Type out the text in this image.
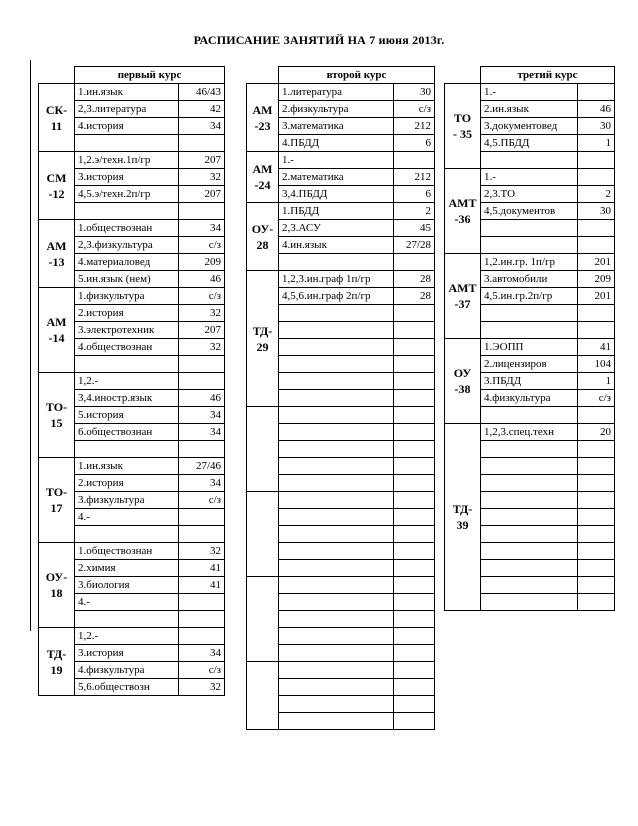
РАСПИСАНИЕ ЗАНЯТИЙ НА 7 июня 2013г.
	первый курс	
СК-
11	1.ин.язык	46/43
	2,3.литература	42
	4.история	34

СМ
-12	1,2.э/техн.1п/гр	207
	3.история	32
	4,5.э/техн.2п/гр	207

АМ
-13	1.обществознан	34
	2,3.физкультура	с/з
	4.материаловед	209
	5.ин.язык (нем)	46
АМ
-14	1.физкультура	с/з
	2.история	32
	3.электротехник	207
	4.обществознан	32

ТО-
15	1,2.-	
	3,4.иностр.язык	46
	5.история	34
	6.обществознан	34

ТО-
17	1.ин.язык	27/46
	2.история	34
	3.физкультура	с/з
	4.-	

ОУ-
18	1.обществознан	32
	2.химия	41
	3.биология	41
	4.-	

ТД-
19	1,2.-	
	3.история	34
	4.физкультура	с/з
	5,6.обществозн	32
	второй курс	
АМ
-23	1.литература	30
	2.физкультура	с/з
	3.математика	212
	4.ПБДД	6
АМ
-24	1.-	
	2.математика	212
	3,4.ПБДД	6
ОУ-
28	1.ПБДД	2
	2,3.АСУ	45
	4.ин.язык	27/28

ТД-
29	1,2,3.ин.граф 1п/гр	28
	4,5,6.ин.граф 2п/гр	28

	третий курс	
ТО
- 35	1.-	
	2.ин.язык	46
	3.документовед	30
	4,5.ПБДД	1

АМТ
-36	1.-	
	2,3.ТО	2
	4,5.документов	30

АМТ
-37	1,2.ин.гр. 1п/гр	201
	3.автомобили	209
	4,5.ин.гр.2п/гр	201

ОУ
-38	1.ЭОПП	41
	2.лицензиров	104
	3.ПБДД	1
	4.физкультура	с/з

ТД-
39	1,2,3.спец.техн	20
